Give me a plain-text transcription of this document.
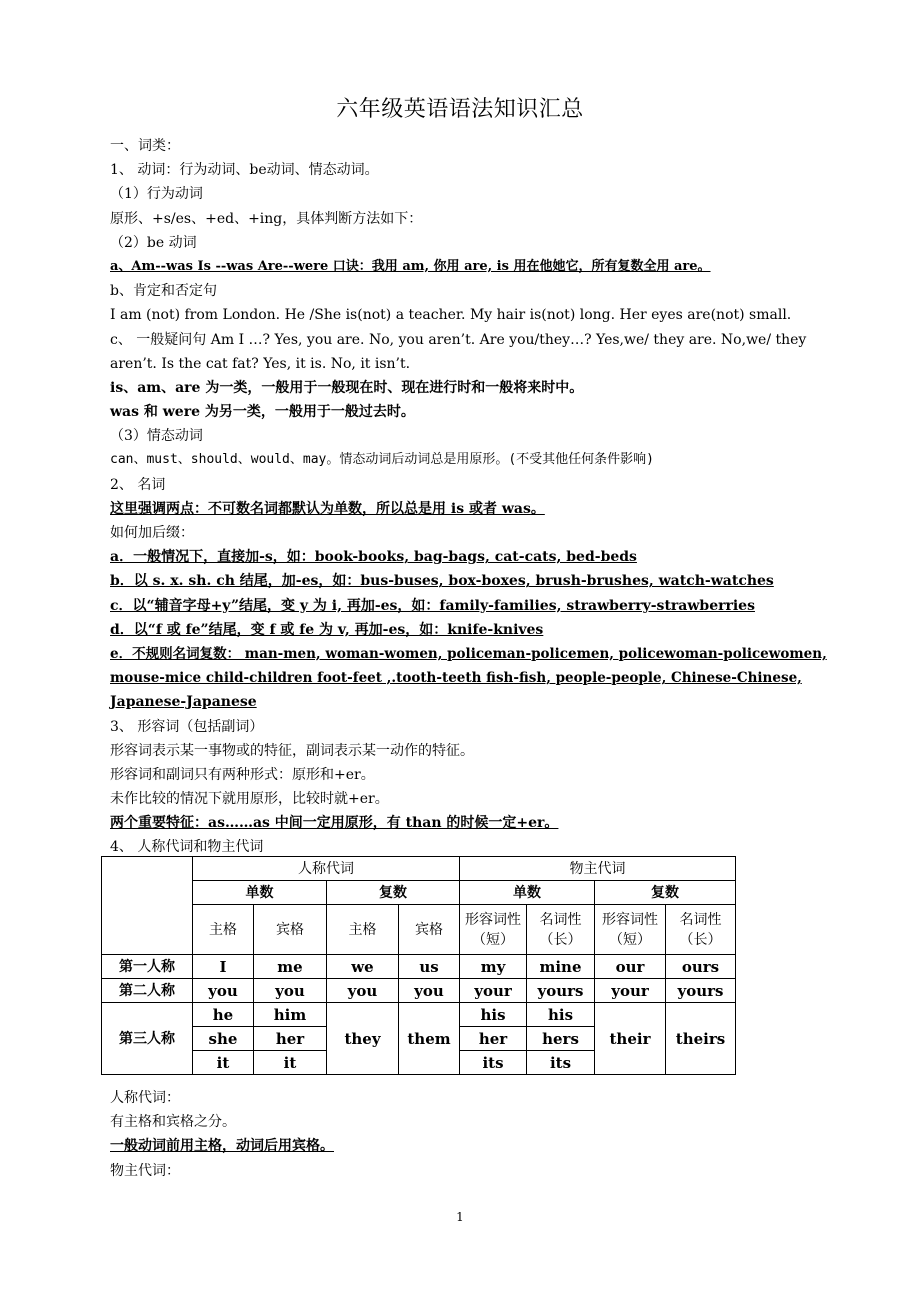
六年级英语语法知识汇总
一、词类：
1、 动词：行为动词、be动词、情态动词。
（1）行为动词
原形、+s/es、+ed、+ing，具体判断方法如下：
（2）be 动词
a、Am--was Is --was Are--were 口诀：我用 am, 你用 are, is 用在他她它，所有复数全用 are。
b、肯定和否定句
I am (not) from London. He /She is(not) a teacher. My hair is(not) long. Her eyes are(not) small.
c、 一般疑问句 Am I …? Yes, you are. No, you aren’t. Are you/they…? Yes,we/ they are. No,we/ they
aren’t. Is the cat fat? Yes, it is. No, it isn’t.
is、am、are 为一类，一般用于一般现在时、现在进行时和一般将来时中。
was 和 were 为另一类，一般用于一般过去时。
（3）情态动词
can、must、should、would、may。情态动词后动词总是用原形。(不受其他任何条件影响)
2、 名词
这里强调两点：不可数名词都默认为单数，所以总是用 is 或者 was。
如何加后缀：
a．一般情况下，直接加-s，如：book-books, bag-bags, cat-cats, bed-beds
b．以 s. x. sh. ch 结尾，加-es，如：bus-buses, box-boxes, brush-brushes, watch-watches
c．以“辅音字母+y”结尾，变 y 为 i, 再加-es，如：family-families, strawberry-strawberries
d．以“f 或 fe”结尾，变 f 或 fe 为 v, 再加-es，如：knife-knives
e．不规则名词复数： man-men, woman-women, policeman-policemen, policewoman-policewomen,
mouse-mice child-children foot-feet ,.tooth-teeth fish-fish, people-people, Chinese-Chinese,
Japanese-Japanese
3、 形容词（包括副词）
形容词表示某一事物或的特征，副词表示某一动作的特征。
形容词和副词只有两种形式：原形和+er。
未作比较的情况下就用原形，比较时就+er。
两个重要特征：as……as 中间一定用原形，有 than 的时候一定+er。
4、 人称代词和物主代词
	人称代词				物主代词			
	单数		复数		单数		复数	
	主格	宾格	主格	宾格	形容词性（短）	名词性（长）	形容词性（短）	名词性（长）
第一人称	I	me	we	us	my	mine	our	ours
第二人称	you	you	you	you	your	yours	your	yours
第三人称	he	him	they	them	his	his	their	theirs
	she	her			her	hers		
	it	it			its	its		
人称代词：
有主格和宾格之分。
一般动词前用主格，动词后用宾格。
物主代词：
1
